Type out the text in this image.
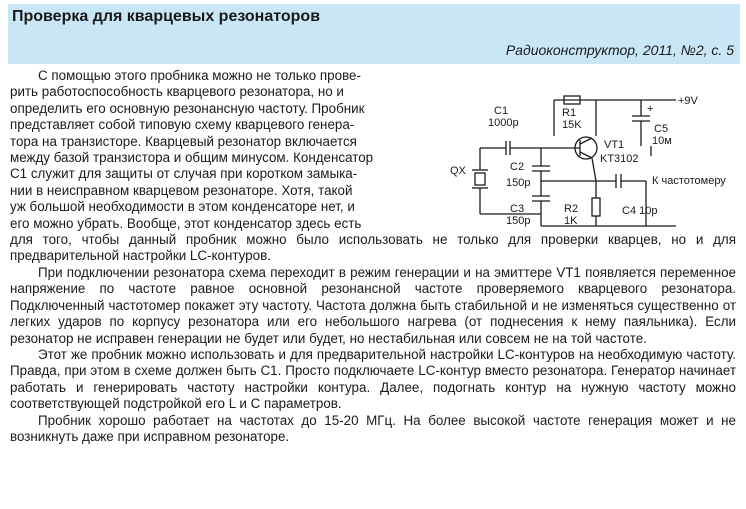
Проверка для кварцевых резонаторов
Радиоконструктор, 2011, №2, с. 5

С помощью этого пробника можно не только прове-

рить работоспособность кварцевого резонатора, но и

определить его основную резонансную частоту. Пробник

представляет собой типовую схему кварцевого генера-

тора на транзисторе. Кварцевый резонатор включается

между базой транзистора и общим минусом. Конденсатор

С1 служит для защиты от случая при коротком замыка-

нии в неисправном кварцевом резонаторе. Хотя, такой

уж большой необходимости в этом конденсаторе нет, и

его можно убрать. Вообще, этот конденсатор здесь есть

для того, чтобы данный пробник можно было использовать не только для проверки кварцев, но и для предварительной настройки LC-контуров.

При подключении резонатора схема переходит в режим генерации и на эмиттере VT1 появляется переменное напряжение по частоте равное основной резонансной частоте проверяемого кварцевого резонатора. Подключенный частотомер покажет эту частоту. Частота должна быть стабильной и не изменяться существенно от легких ударов по корпусу резонатора или его небольшого нагрева (от поднесения к нему паяльника). Если резонатор не исправен генерации не будет или будет, но нестабильная или совсем не на той частоте.

Этот же пробник можно использовать и для предварительной настройки LC-контуров на необходимую частоту. Правда, при этом в схеме должен быть С1. Просто подключаете LC-контур вместо резонатора. Генератор начинает работать и генерировать частоту настройки контура. Далее, подогнать контур на нужную частоту можно соответствующей подстройкой его L и C параметров.

Пробник хорошо работает на частотах до 15-20 МГц. На более высокой частоте генерация может и не возникнуть даже при исправном резонаторе.

+9V
R1
15K
C1
1000p	C5
10м
+
VT1
KT3102
QX	C2
150p	К частотомеру
C3
150p
R2
1K
C4 10p
